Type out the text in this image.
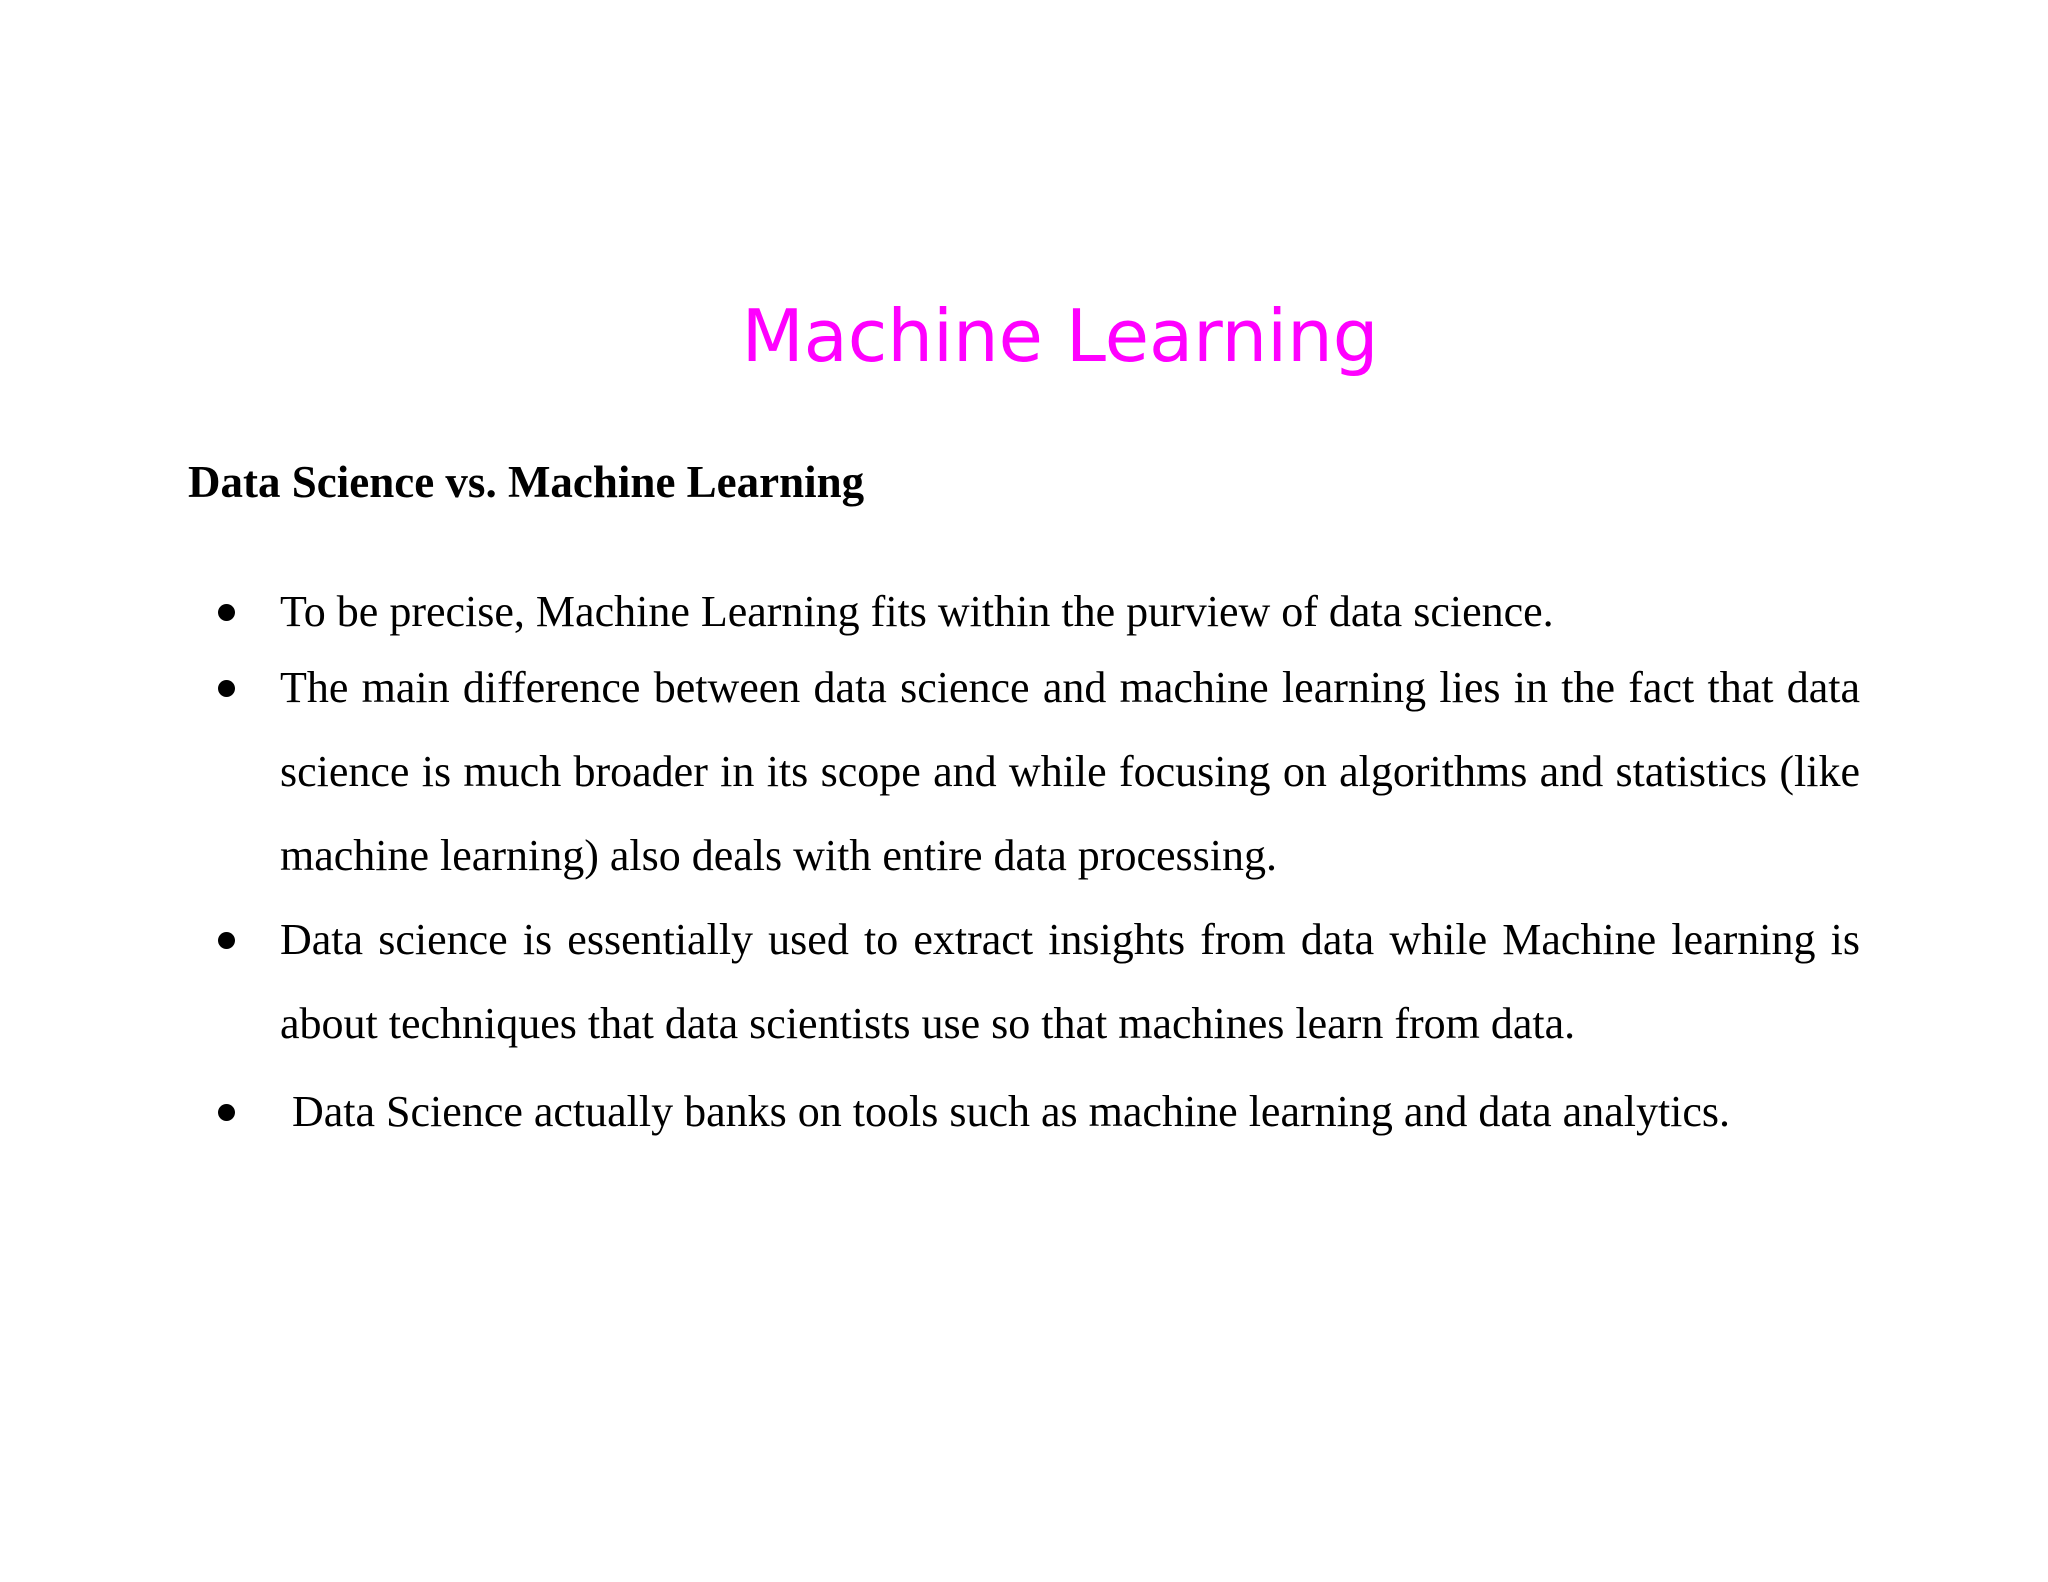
Machine Learning
Data Science vs. Machine Learning
To be precise, Machine Learning fits within the purview of data science.
The main difference between data science and machine learning lies in the fact that data science is much broader in its scope and while focusing on algorithms and statistics (like machine learning) also deals with entire data processing.
Data science is essentially used to extract insights from data while Machine learning is about techniques that data scientists use so that machines learn from data.
Data Science actually banks on tools such as machine learning and data analytics.
